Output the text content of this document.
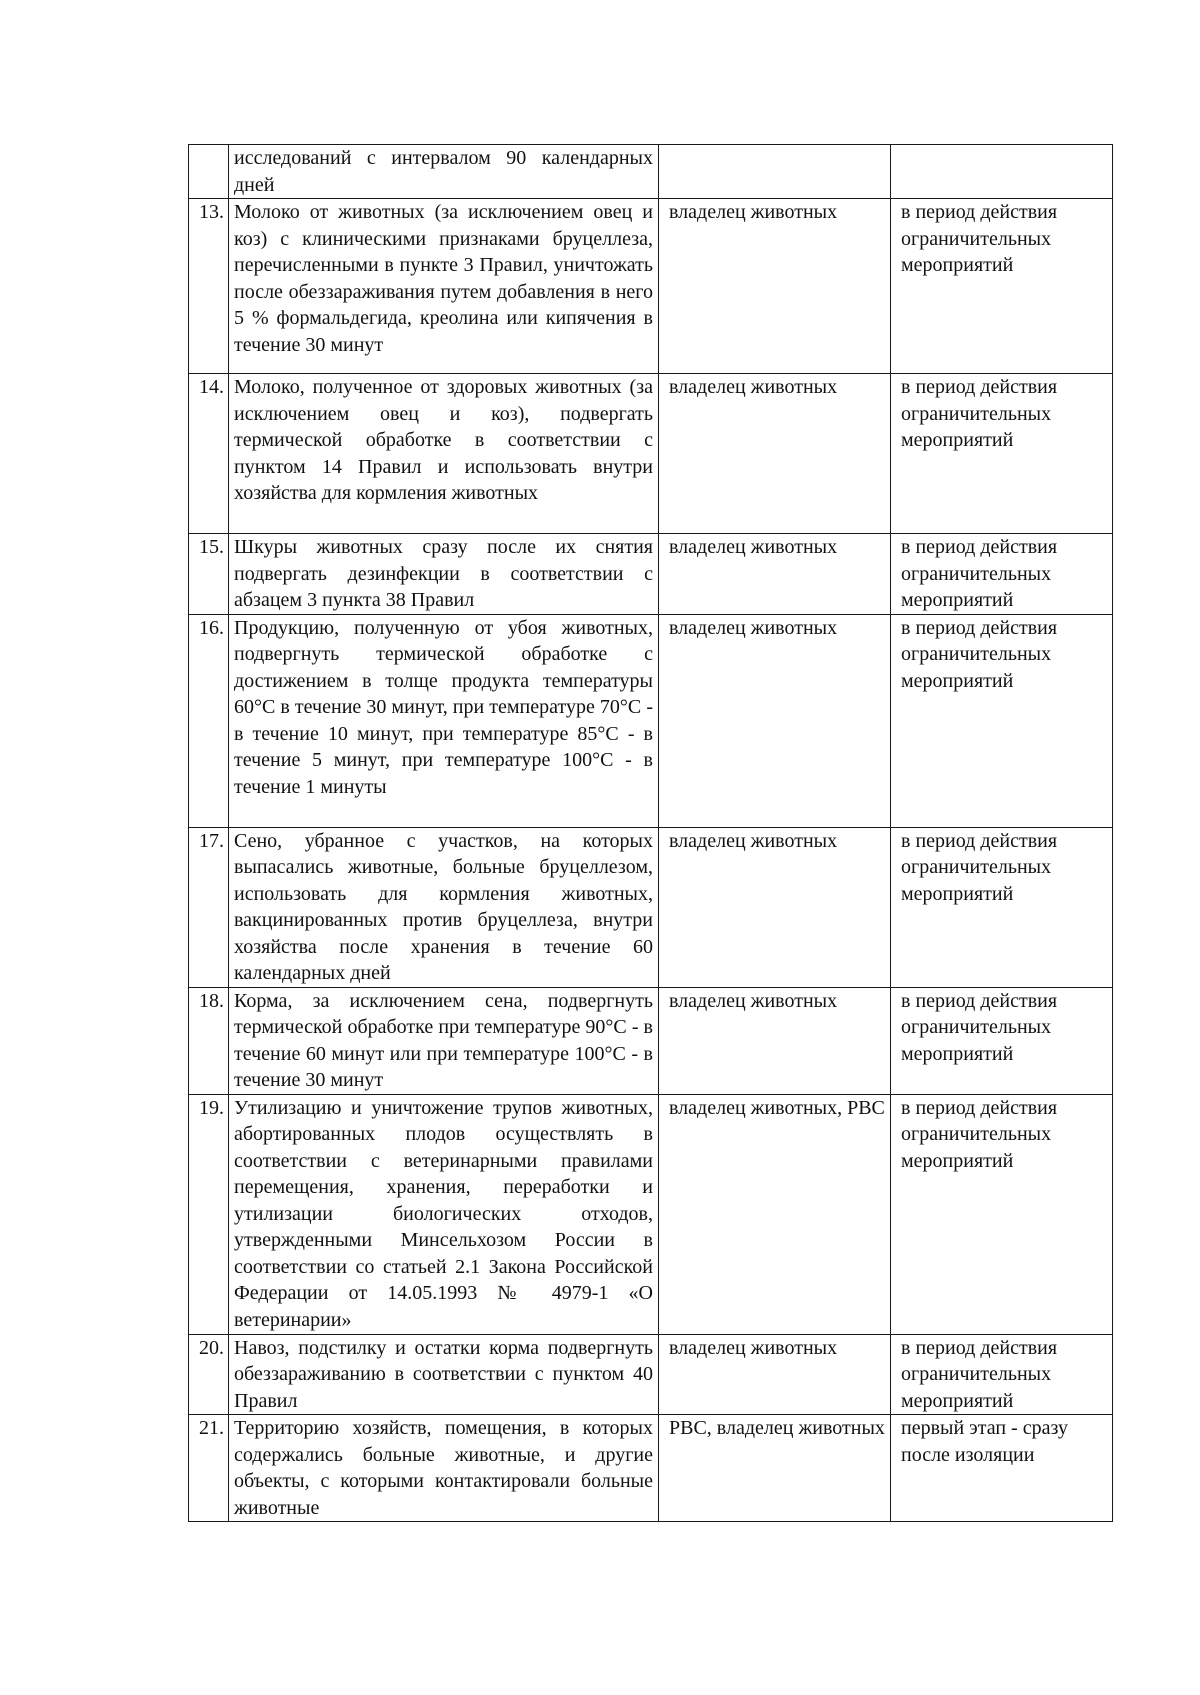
	исследований с интервалом 90 календарных дней		
13.	Молоко от животных (за исключением овец и коз) с клиническими признаками бруцеллеза, перечисленными в пункте 3 Правил, уничтожать после обеззараживания путем добавления в него 5 % формальдегида, креолина или кипячения в течение 30 минут	владелец животных	в период действия ограничительных мероприятий
14.	Молоко, полученное от здоровых животных (за исключением овец и коз), подвергать термической обработке в соответствии с пунктом 14 Правил и использовать внутри хозяйства для кормления животных	владелец животных	в период действия ограничительных мероприятий
15.	Шкуры животных сразу после их снятия подвергать дезинфекции в соответствии с абзацем 3 пункта 38 Правил	владелец животных	в период действия ограничительных мероприятий
16.	Продукцию, полученную от убоя животных, подвергнуть термической обработке с достижением в толще продукта температуры 60°С в течение 30 минут, при температуре 70°С - в течение 10 минут, при температуре 85°С - в течение 5 минут, при температуре 100°С - в течение 1 минуты	владелец животных	в период действия ограничительных мероприятий
17.	Сено, убранное с участков, на которых выпасались животные, больные бруцеллезом, использовать для кормления животных, вакцинированных против бруцеллеза, внутри хозяйства после хранения в течение 60 календарных дней	владелец животных	в период действия ограничительных мероприятий
18.	Корма, за исключением сена, подвергнуть термической обработке при температуре 90°С - в течение 60 минут или при температуре 100°С - в течение 30 минут	владелец животных	в период действия ограничительных мероприятий
19.	Утилизацию и уничтожение трупов животных, абортированных плодов осуществлять в соответствии с ветеринарными правилами перемещения, хранения, переработки и утилизации биологических отходов, утвержденными Минсельхозом России в соответствии со статьей 2.1 Закона Российской Федерации от 14.05.1993 № 4979-1 «О ветеринарии»	владелец животных, РВС	в период действия ограничительных мероприятий
20.	Навоз, подстилку и остатки корма подвергнуть обеззараживанию в соответствии с пунктом 40 Правил	владелец животных	в период действия ограничительных мероприятий
21.	Территорию хозяйств, помещения, в которых содержались больные животные, и другие объекты, с которыми контактировали больные животные	РВС, владелец животных	первый этап - сразу после изоляции
